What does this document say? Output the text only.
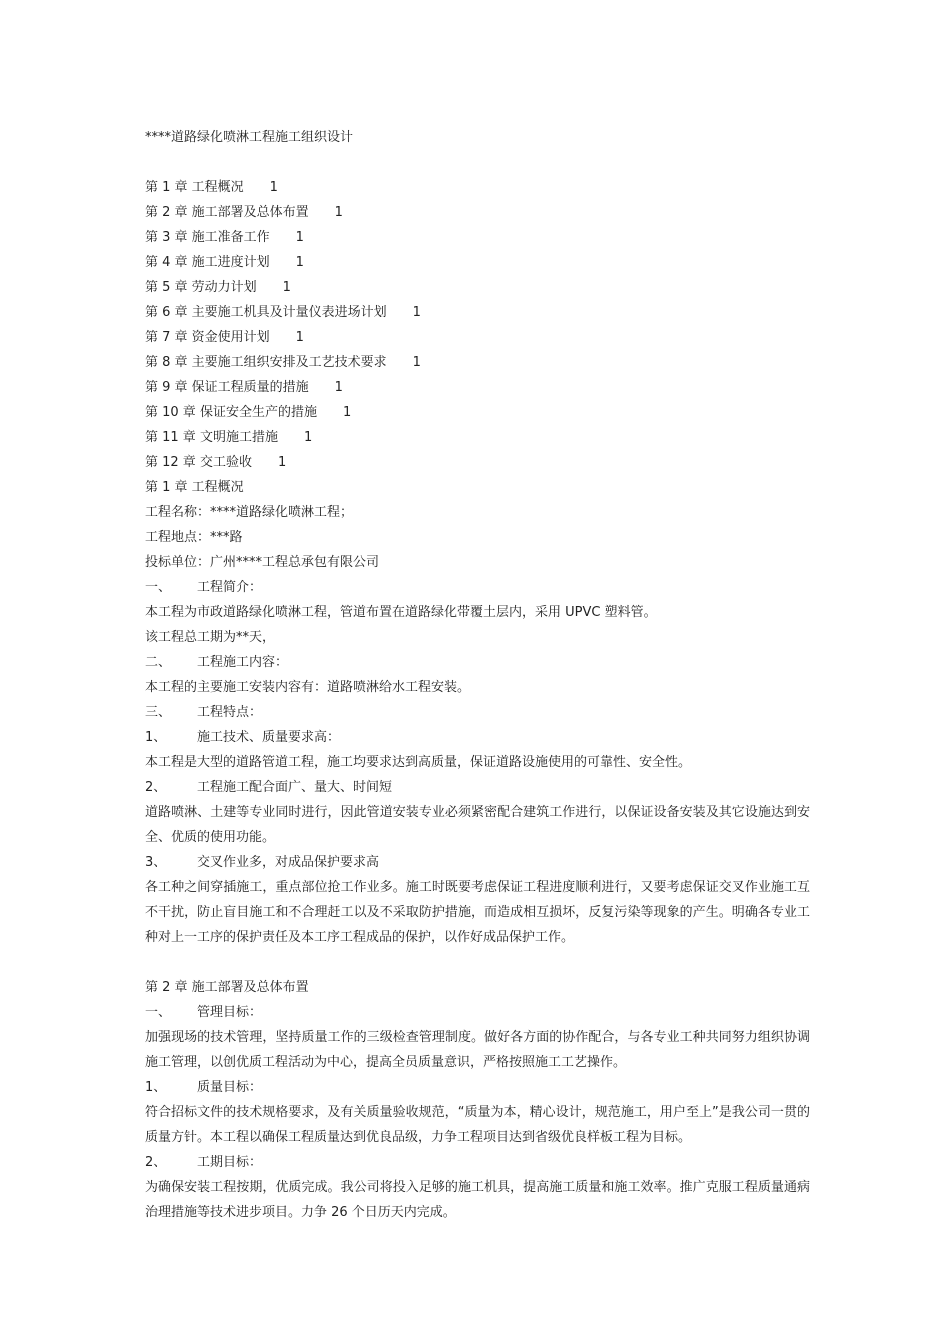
****道路绿化喷淋工程施工组织设计
第 1 章 工程概况 1
第 2 章 施工部署及总体布置 1
第 3 章 施工准备工作 1
第 4 章 施工进度计划 1
第 5 章 劳动力计划 1
第 6 章 主要施工机具及计量仪表进场计划 1
第 7 章 资金使用计划 1
第 8 章 主要施工组织安排及工艺技术要求 1
第 9 章 保证工程质量的措施 1
第 10 章 保证安全生产的措施 1
第 11 章 文明施工措施 1
第 12 章 交工验收 1
第 1 章 工程概况
工程名称：****道路绿化喷淋工程；
工程地点：***路
投标单位：广州****工程总承包有限公司
一、 工程简介：
本工程为市政道路绿化喷淋工程，管道布置在道路绿化带覆土层内，采用 UPVC 塑料管。
该工程总工期为**天，
二、 工程施工内容：
本工程的主要施工安装内容有：道路喷淋给水工程安装。
三、 工程特点：
1、 施工技术、质量要求高：
本工程是大型的道路管道工程，施工均要求达到高质量，保证道路设施使用的可靠性、安全性。
2、 工程施工配合面广、量大、时间短
道路喷淋、土建等专业同时进行，因此管道安装专业必须紧密配合建筑工作进行，以保证设备安装及其它设施达到安全、优质的使用功能。
3、 交叉作业多，对成品保护要求高
各工种之间穿插施工，重点部位抢工作业多。施工时既要考虑保证工程进度顺利进行，又要考虑保证交叉作业施工互不干扰，防止盲目施工和不合理赶工以及不采取防护措施，而造成相互损坏，反复污染等现象的产生。明确各专业工种对上一工序的保护责任及本工序工程成品的保护，以作好成品保护工作。
第 2 章 施工部署及总体布置
一、 管理目标：
加强现场的技术管理，坚持质量工作的三级检查管理制度。做好各方面的协作配合，与各专业工种共同努力组织协调施工管理，以创优质工程活动为中心，提高全员质量意识，严格按照施工工艺操作。
1、 质量目标：
符合招标文件的技术规格要求，及有关质量验收规范，“质量为本，精心设计，规范施工，用户至上”是我公司一贯的质量方针。本工程以确保工程质量达到优良品级，力争工程项目达到省级优良样板工程为目标。
2、 工期目标：
为确保安装工程按期，优质完成。我公司将投入足够的施工机具，提高施工质量和施工效率。推广克服工程质量通病治理措施等技术进步项目。力争 26 个日历天内完成。
